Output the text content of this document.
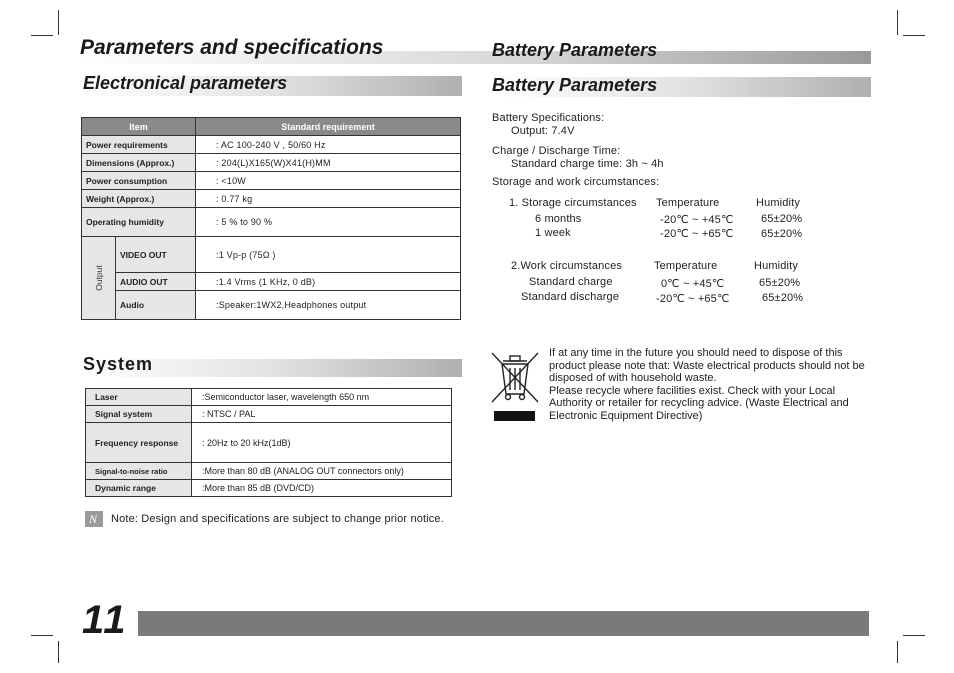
Parameters and specifications	Battery Parameters
Electronical parameters
Item		Standard requirement
Power requirements		: AC 100-240 V , 50/60 Hz
Dimensions (Approx.)		: 204(L)X165(W)X41(H)MM
Power consumption		: <10W
Weight (Approx.)		: 0.77 kg
Operating humidity		: 5 % to 90 %
Output	VIDEO OUT	:1 Vp-p (75Ω )
	AUDIO OUT	:1.4 Vrms (1 KHz, 0 dB)
	Audio	:Speaker:1WX2,Headphones output
System
Laser	:Semiconductor laser, wavelength 650 nm
Signal system	: NTSC / PAL
Frequency response	: 20Hz to 20 kHz(1dB)
Signal-to-noise ratio	:More than 80 dB (ANALOG OUT connectors only)
Dynamic range	:More than 85 dB (DVD/CD)
N Note: Design and specifications are subject to change prior notice.
Battery Parameters
Battery Specifications:
Output: 7.4V
Charge / Discharge Time:
Standard charge time: 3h ~ 4h
Storage and work circumstances:
1. Storage circumstances Temperature	Humidity
6 months	-20℃ ~ +45℃	65±20%
1 week	-20℃ ~ +65℃	65±20%
2.Work circumstances	Temperature	Humidity
Standard charge	0℃ ~ +45℃	65±20%
Standard discharge	-20℃ ~ +65℃	65±20%
If at any time in the future you should need to dispose of this product please note that: Waste electrical products should not be disposed of with household waste.
Please recycle where facilities exist. Check with your Local Authority or retailer for recycling advice. (Waste Electrical and Electronic Equipment Directive)
11
